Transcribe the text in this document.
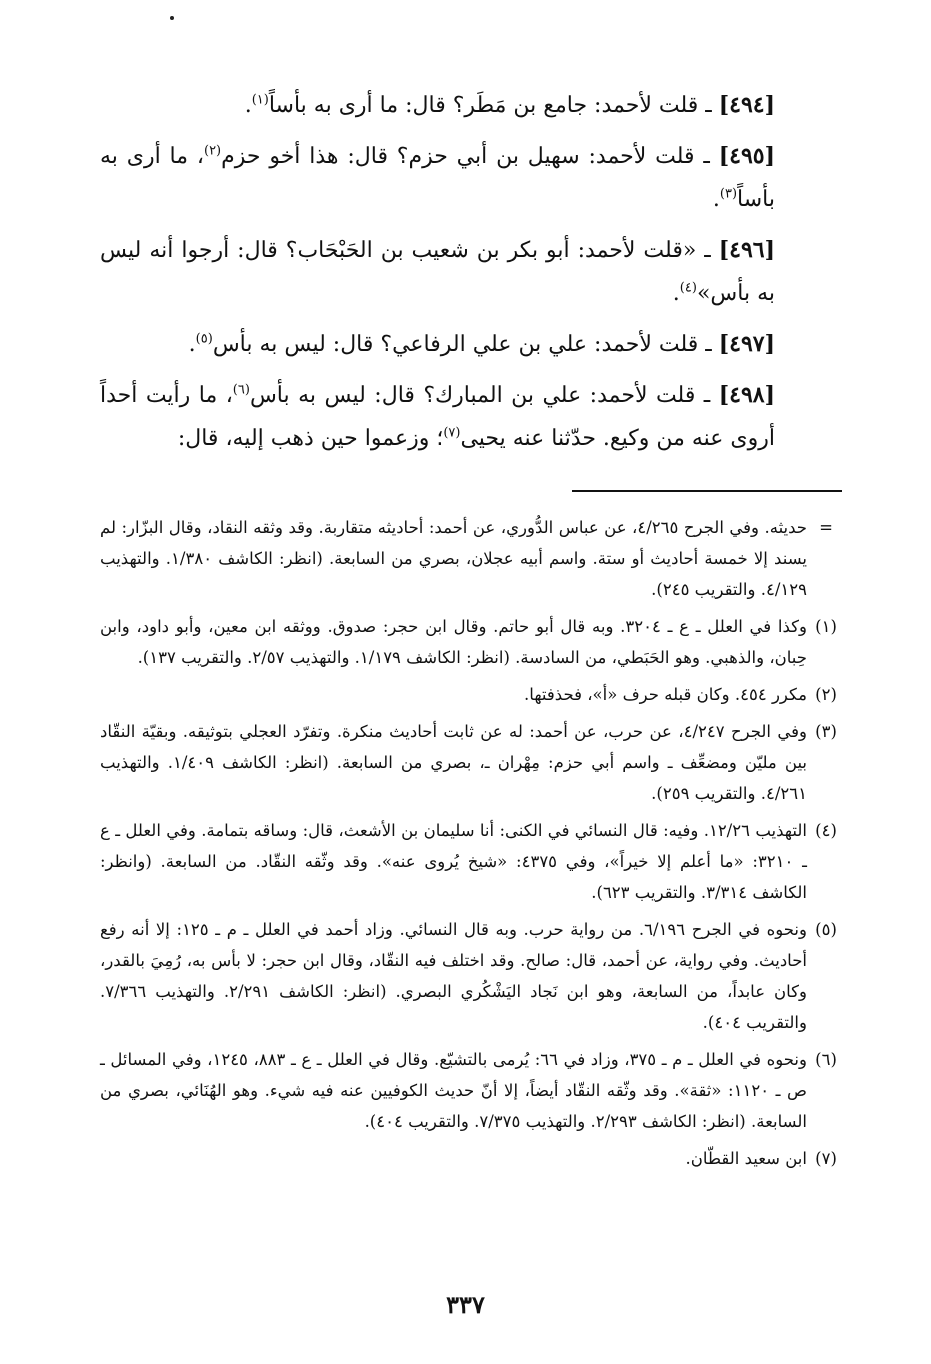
[٤٩٤] ـ قلت لأحمد: جامع بن مَطَر؟ قال: ما أرى به بأساً$^{(١)}$.

[٤٩٥] ـ قلت لأحمد: سهيل بن أبي حزم؟ قال: هذا أخو حزم$^{(٢)}$، ما أرى به بأساً$^{(٣)}$.

[٤٩٦] ـ «قلت لأحمد: أبو بكر بن شعيب بن الحَبْحَاب؟ قال: أرجوا أنه ليس به بأس»$^{(٤)}$.

[٤٩٧] ـ قلت لأحمد: علي بن علي الرفاعي؟ قال: ليس به بأس$^{(٥)}$.

[٤٩٨] ـ قلت لأحمد: علي بن المبارك؟ قال: ليس به بأس$^{(٦)}$، ما رأيت أحداً أروى عنه من وكيع. حدّثنا عنه يحيى$^{(٧)}$؛ وزعموا حين ذهب إليه، قال:

=
حديثه. وفي الجرح ٤/٢٦٥، عن عباس الدُّوري، عن أحمد: أحاديثه متقاربة. وقد وثقه النقاد، وقال البزّار: لم يسند إلا خمسة أحاديث أو ستة. واسم أبيه عجلان، بصري من السابعة. (انظر: الكاشف ١/٣٨٠. والتهذيب ٤/١٢٩. والتقريب ٢٤٥).
(١)
وكذا في العلل ـ ع ـ ٣٢٠٤. وبه قال أبو حاتم. وقال ابن حجر: صدوق. ووثقه ابن معين، وأبو داود، وابن حِبان، والذهبي. وهو الحَبَطي، من السادسة. (انظر: الكاشف ١/١٧٩. والتهذيب ٢/٥٧. والتقريب ١٣٧).
(٢)
مكرر ٤٥٤. وكان قبله حرف «أ»، فحذفتها.
(٣)
وفي الجرح ٤/٢٤٧، عن حرب، عن أحمد: له عن ثابت أحاديث منكرة. وتفرّد العجلي بتوثيقه. وبقيّة النقّاد بين مليّن ومضعِّف ـ واسم أبي حزم: مِهْران ـ، بصري من السابعة. (انظر: الكاشف ١/٤٠٩. والتهذيب ٤/٢٦١. والتقريب ٢٥٩).
(٤)
التهذيب ١٢/٢٦. وفيه: قال النسائي في الكنى: أنا سليمان بن الأشعث، قال: وساقه بتمامة. وفي العلل ـ ع ـ ٣٢١٠: «ما أعلم إلا خيراً»، وفي ٤٣٧٥: «شيخ يُروى عنه». وقد وثّقه النقّاد. من السابعة. (وانظر: الكاشف ٣/٣١٤. والتقريب ٦٢٣).
(٥)
ونحوه في الجرح ٦/١٩٦. من رواية حرب. وبه قال النسائي. وزاد أحمد في العلل ـ م ـ ١٢٥: إلا أنه رفع أحاديث. وفي رواية، عن أحمد، قال: صالح. وقد اختلف فيه النقّاد، وقال ابن حجر: لا بأس به، رُمِيَ بالقدر، وكان عابداً، من السابعة، وهو ابن نَجاد اليَشْكُري البصري. (انظر: الكاشف ٢/٢٩١. والتهذيب ٧/٣٦٦. والتقريب ٤٠٤).
(٦)
ونحوه في العلل ـ م ـ ٣٧٥، وزاد في ٦٦: يُرمى بالتشيّع. وقال في العلل ـ ع ـ ٨٨٣، ١٢٤٥، وفي المسائل ـ ص ـ ١١٢٠: «ثقة». وقد وثّقه النقّاد أيضاً، إلا أنّ حديث الكوفيين عنه فيه شيء. وهو الهُنَائي، بصري من السابعة. (انظر: الكاشف ٢/٢٩٣. والتهذيب ٧/٣٧٥. والتقريب ٤٠٤).
(٧)
ابن سعيد القطّان.
٣٣٧
